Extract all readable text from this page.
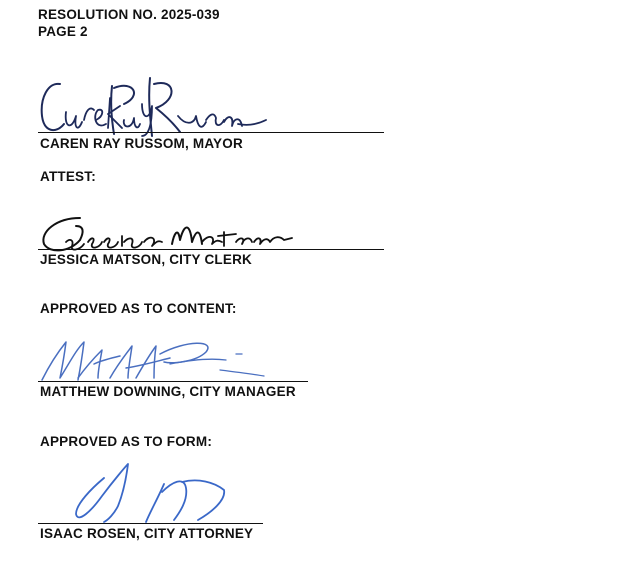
RESOLUTION NO. 2025-039
PAGE 2
CAREN RAY RUSSOM, MAYOR
ATTEST:
JESSICA MATSON, CITY CLERK
APPROVED AS TO CONTENT:
MATTHEW DOWNING, CITY MANAGER
APPROVED AS TO FORM:
ISAAC ROSEN, CITY ATTORNEY
